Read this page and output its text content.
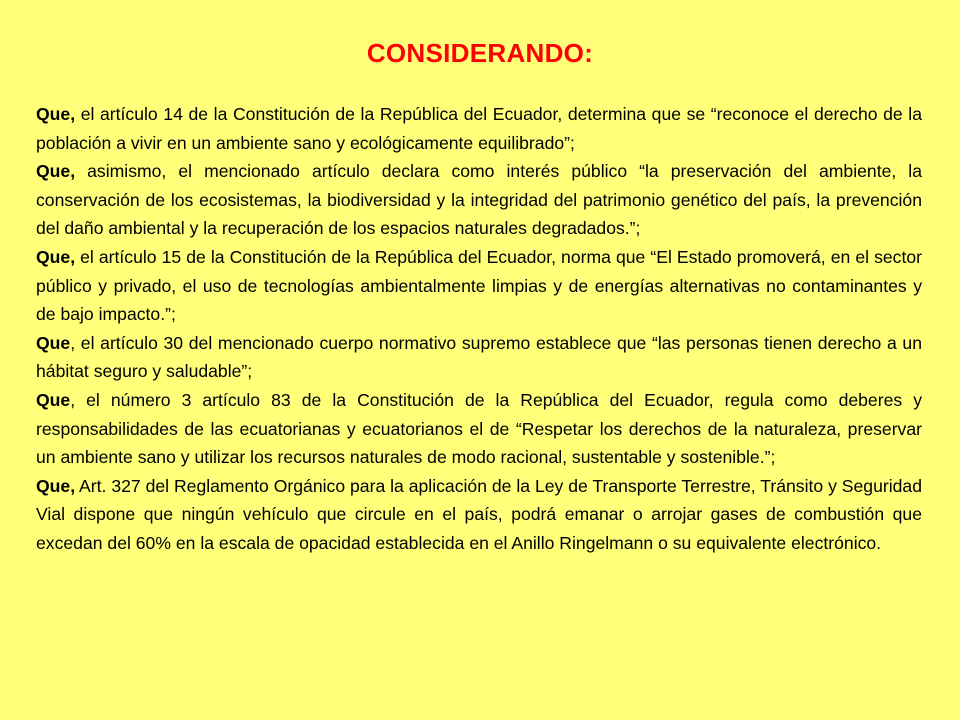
CONSIDERANDO:

Que, el artículo 14 de la Constitución de la República del Ecuador, determina que se “reconoce el derecho de la población a vivir en un ambiente sano y ecológicamente equilibrado”;

Que, asimismo, el mencionado artículo declara como interés público “la preservación del ambiente, la conservación de los ecosistemas, la biodiversidad y la integridad del patrimonio genético del país, la prevención del daño ambiental y la recuperación de los espacios naturales degradados.”;

Que, el artículo 15 de la Constitución de la República del Ecuador, norma que “El Estado promoverá, en el sector público y privado, el uso de tecnologías ambientalmente limpias y de energías alternativas no contaminantes y de bajo impacto.”;

Que, el artículo 30 del mencionado cuerpo normativo supremo establece que “las personas tienen derecho a un hábitat seguro y saludable”;

Que, el número 3 artículo 83 de la Constitución de la República del Ecuador, regula como deberes y responsabilidades de las ecuatorianas y ecuatorianos el de “Respetar los derechos de la naturaleza, preservar un ambiente sano y utilizar los recursos naturales de modo racional, sustentable y sostenible.”;

Que, Art. 327 del Reglamento Orgánico para la aplicación de la Ley de Transporte Terrestre, Tránsito y Seguridad Vial dispone que ningún vehículo que circule en el país, podrá emanar o arrojar gases de combustión que excedan del 60% en la escala de opacidad establecida en el Anillo Ringelmann o su equivalente electrónico.
